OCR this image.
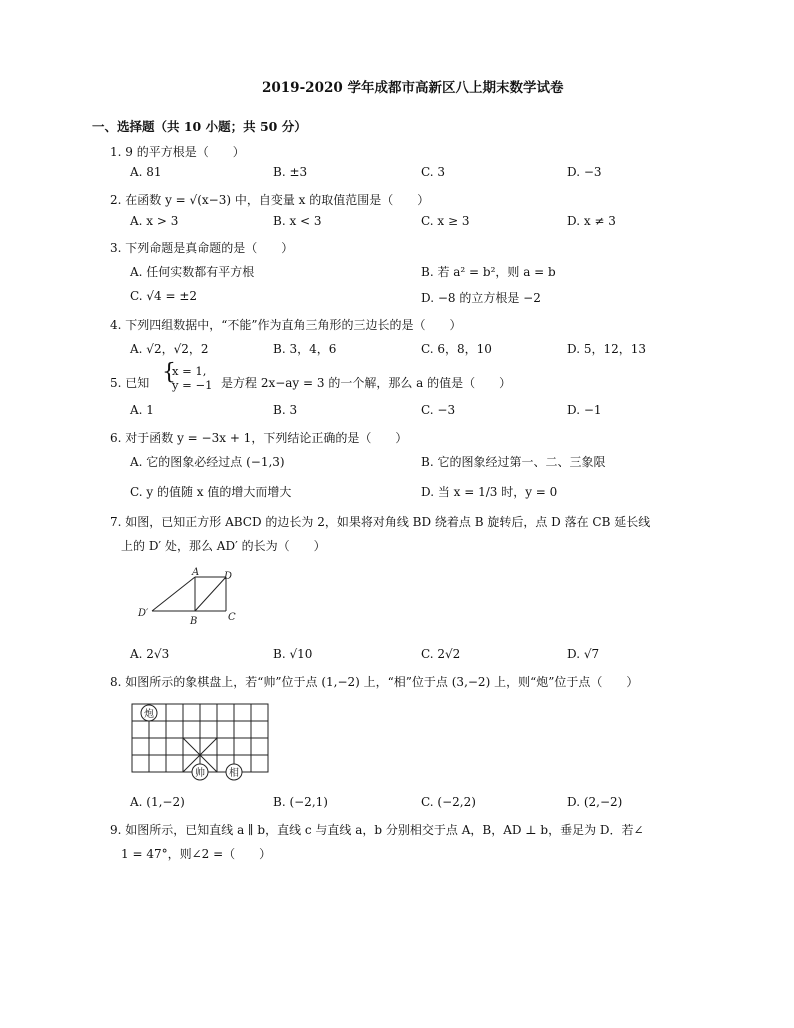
2019-2020 学年成都市高新区八上期末数学试卷
一、选择题（共 10 小题；共 50 分）
1. 9 的平方根是（　　）
A. 81	B. ±3	C. 3	D. −3
2. 在函数 y = √(x−3) 中，自变量 x 的取值范围是（　　）
A. x > 3	B. x < 3	C. x ≥ 3	D. x ≠ 3
3. 下列命题是真命题的是（　　）
A. 任何实数都有平方根	B. 若 a² = b²，则 a = b
C. √4 = ±2	D. −8 的立方根是 −2
4. 下列四组数据中，“不能”作为直角三角形的三边长的是（　　）
A. √2，√2，2	B. 3，4，6	C. 6，8，10	D. 5，12，13
5. 已知 {
x = 1,
y = −1 是方程 2x−ay = 3 的一个解，那么 a 的值是（　　）
A. 1	B. 3	C. −3	D. −1
6. 对于函数 y = −3x + 1，下列结论正确的是（　　）
A. 它的图象必经过点 (−1,3)	B. 它的图象经过第一、二、三象限
C. y 的值随 x 值的增大而增大	D. 当 x = 1/3 时，y = 0
7. 如图，已知正方形 ABCD 的边长为 2，如果将对角线 BD 绕着点 B 旋转后，点 D 落在 CB 延长线
上的 D′ 处，那么 AD′ 的长为（　　）
A D
B	C
D′
A. 2√3	B. √10	C. 2√2	D. √7
8. 如图所示的象棋盘上，若“帅”位于点 (1,−2) 上，“相”位于点 (3,−2) 上，则“炮”位于点（　　）
炮
帅 相
A. (1,−2)	B. (−2,1)	C. (−2,2)	D. (2,−2)
9. 如图所示，已知直线 a ∥ b，直线 c 与直线 a，b 分别相交于点 A，B，AD ⊥ b，垂足为 D．若∠
1 = 47°，则∠2 =（　　）
